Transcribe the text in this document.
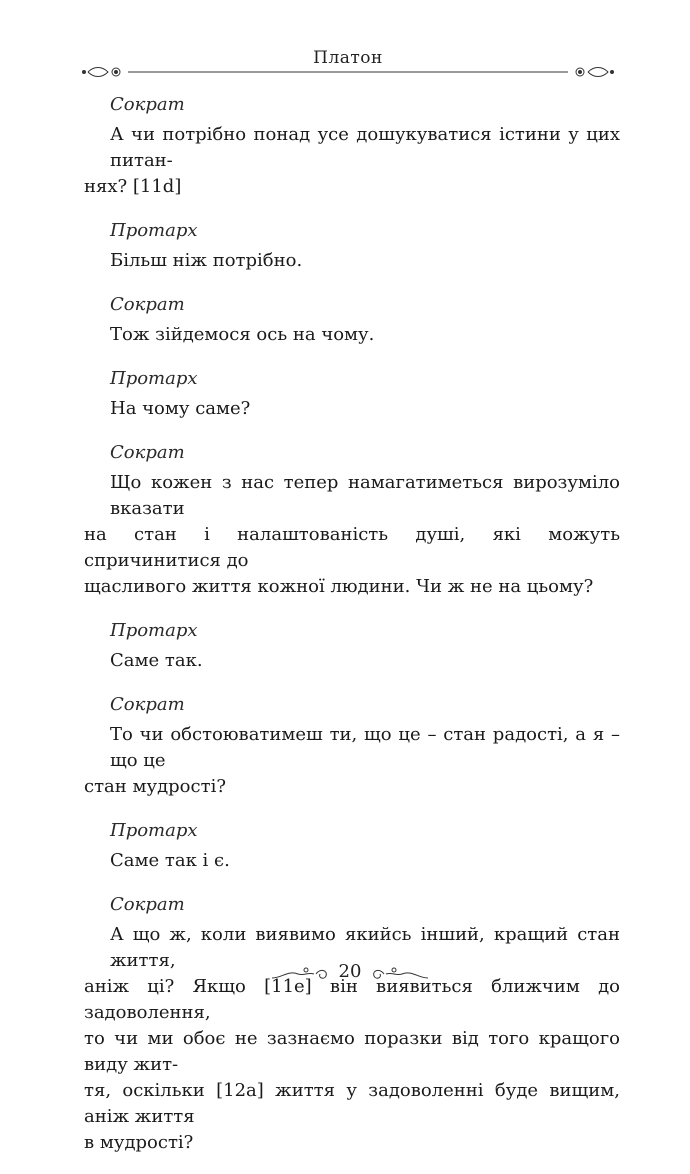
Платон

Сократ

А чи потрібно понад усе дошукуватися істини у цих питан-

нях? [11d]

Протарх

Більш ніж потрібно.

Сократ

Тож зійдемося ось на чому.

Протарх

На чому саме?

Сократ

Що кожен з нас тепер намагатиметься вирозуміло вказати

на стан і налаштованість душі, які можуть спричинитися до

щасливого життя кожної людини. Чи ж не на цьому?

Протарх

Саме так.

Сократ

То чи обстоюватимеш ти, що це – стан радості, а я – що це

стан мудрості?

Протарх

Саме так і є.

Сократ

А що ж, коли виявимо якийсь інший, кращий стан життя,

аніж ці? Якщо [11e] він виявиться ближчим до задоволення,

то чи ми обоє не зазнаємо поразки від того кращого виду жит-

тя, оскільки [12a] життя у задоволенні буде вищим, аніж життя

в мудрості?

20
